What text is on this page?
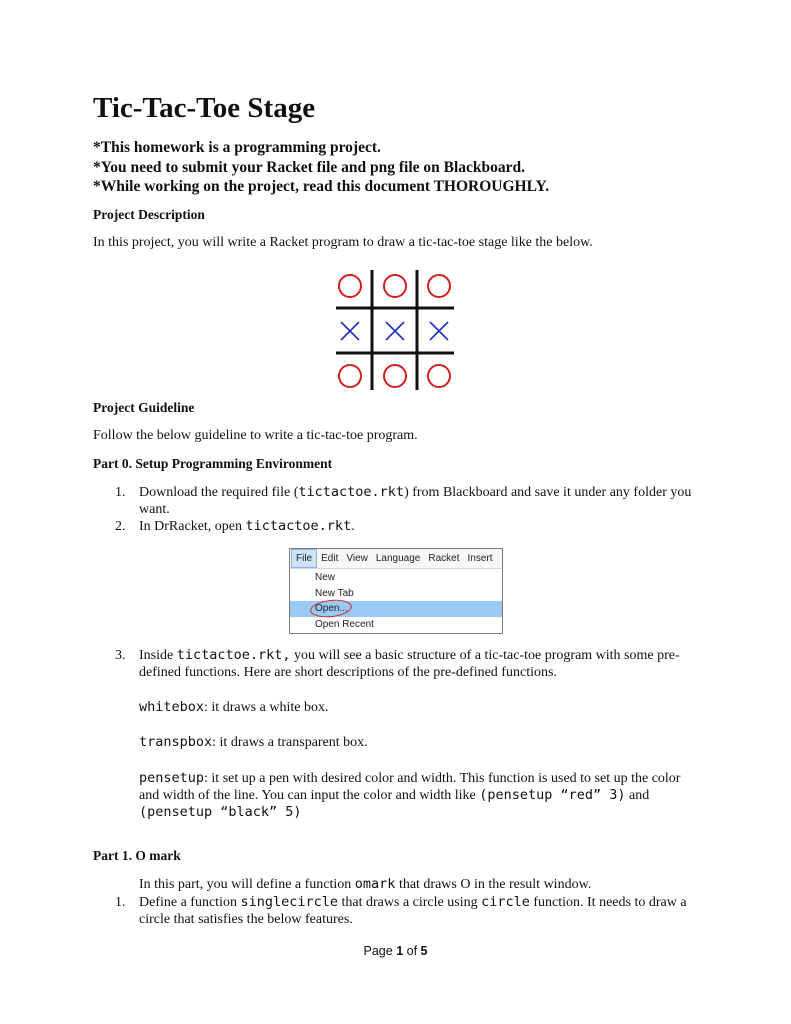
Tic-Tac-Toe Stage
*This homework is a programming project.
*You need to submit your Racket file and png file on Blackboard.
*While working on the project, read this document THOROUGHLY.
Project Description
In this project, you will write a Racket program to draw a tic-tac-toe stage like the below.
Project Guideline
Follow the below guideline to write a tic-tac-toe program.
Part 0. Setup Programming Environment
1. Download the required file (tictactoe.rkt) from Blackboard and save it under any folder you want.
2. In DrRacket, open tictactoe.rkt.
File Edit View Language Racket Insert
New
New Tab
Open...
Open Recent
3. Inside tictactoe.rkt, you will see a basic structure of a tic-tac-toe program with some pre-defined functions. Here are short descriptions of the pre-defined functions.
whitebox: it draws a white box.
transpbox: it draws a transparent box.
pensetup: it set up a pen with desired color and width. This function is used to set up the color and width of the line. You can input the color and width like (pensetup “red” 3) and (pensetup “black” 5)
Part 1. O mark
In this part, you will define a function omark that draws O in the result window.
1. Define a function singlecircle that draws a circle using circle function. It needs to draw a circle that satisfies the below features.
Page 1 of 5
